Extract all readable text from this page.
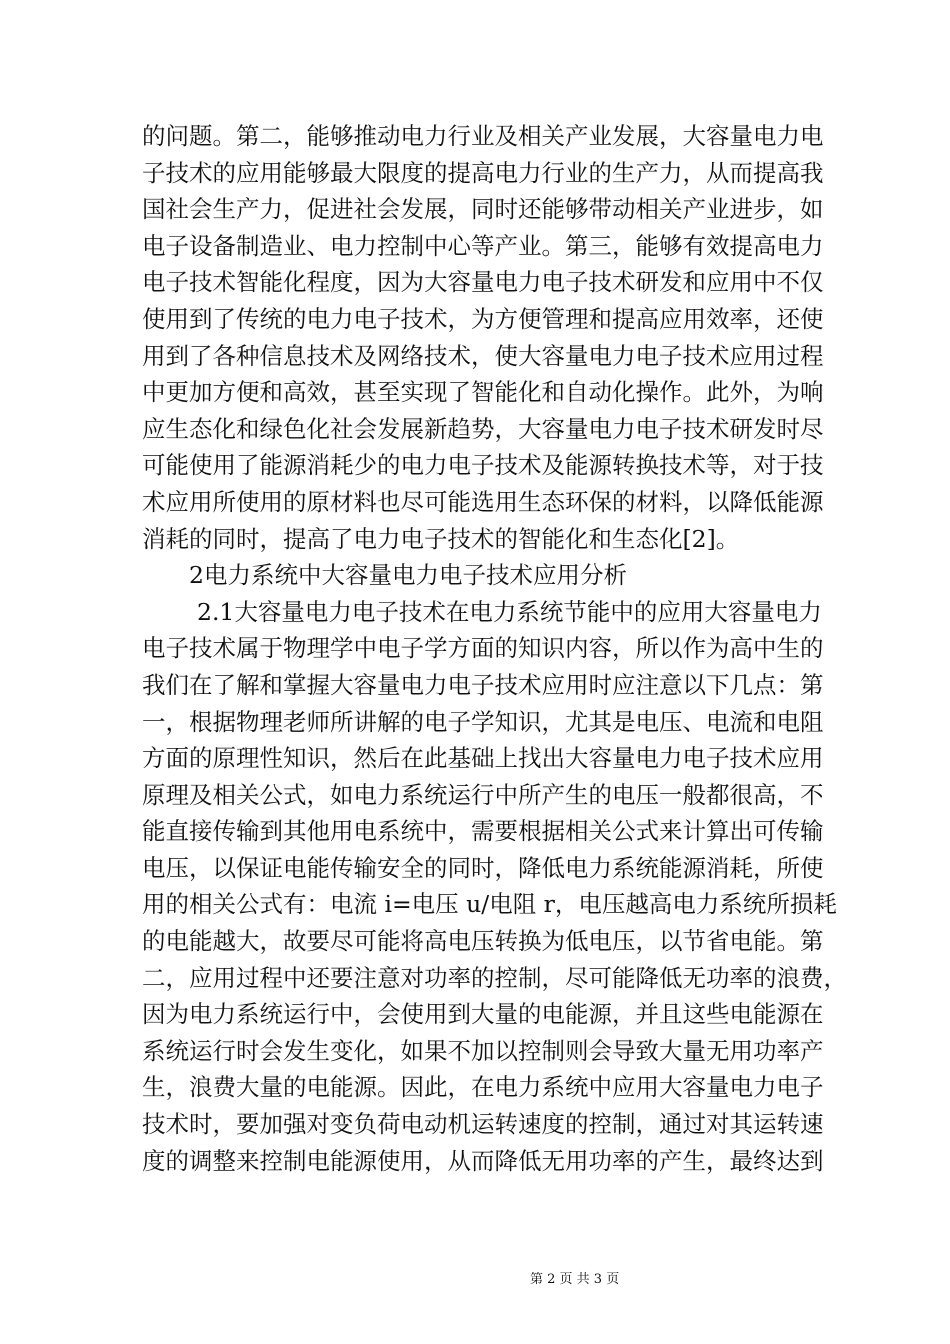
的问题。第二，能够推动电力行业及相关产业发展，大容量电力电
子技术的应用能够最大限度的提高电力行业的生产力，从而提高我
国社会生产力，促进社会发展，同时还能够带动相关产业进步，如
电子设备制造业、电力控制中心等产业。第三，能够有效提高电力
电子技术智能化程度，因为大容量电力电子技术研发和应用中不仅
使用到了传统的电力电子技术，为方便管理和提高应用效率，还使
用到了各种信息技术及网络技术，使大容量电力电子技术应用过程
中更加方便和高效，甚至实现了智能化和自动化操作。此外，为响
应生态化和绿色化社会发展新趋势，大容量电力电子技术研发时尽
可能使用了能源消耗少的电力电子技术及能源转换技术等，对于技
术应用所使用的原材料也尽可能选用生态环保的材料，以降低能源
消耗的同时，提高了电力电子技术的智能化和生态化[2]。
2电力系统中大容量电力电子技术应用分析
2.1大容量电力电子技术在电力系统节能中的应用大容量电力
电子技术属于物理学中电子学方面的知识内容，所以作为高中生的
我们在了解和掌握大容量电力电子技术应用时应注意以下几点：第
一，根据物理老师所讲解的电子学知识，尤其是电压、电流和电阻
方面的原理性知识，然后在此基础上找出大容量电力电子技术应用
原理及相关公式，如电力系统运行中所产生的电压一般都很高，不
能直接传输到其他用电系统中，需要根据相关公式来计算出可传输
电压，以保证电能传输安全的同时，降低电力系统能源消耗，所使
用的相关公式有：电流 i=电压 u/电阻 r，电压越高电力系统所损耗
的电能越大，故要尽可能将高电压转换为低电压，以节省电能。第
二，应用过程中还要注意对功率的控制，尽可能降低无功率的浪费，
因为电力系统运行中，会使用到大量的电能源，并且这些电能源在
系统运行时会发生变化，如果不加以控制则会导致大量无用功率产
生，浪费大量的电能源。因此，在电力系统中应用大容量电力电子
技术时，要加强对变负荷电动机运转速度的控制，通过对其运转速
度的调整来控制电能源使用，从而降低无用功率的产生，最终达到
第 2 页 共 3 页
